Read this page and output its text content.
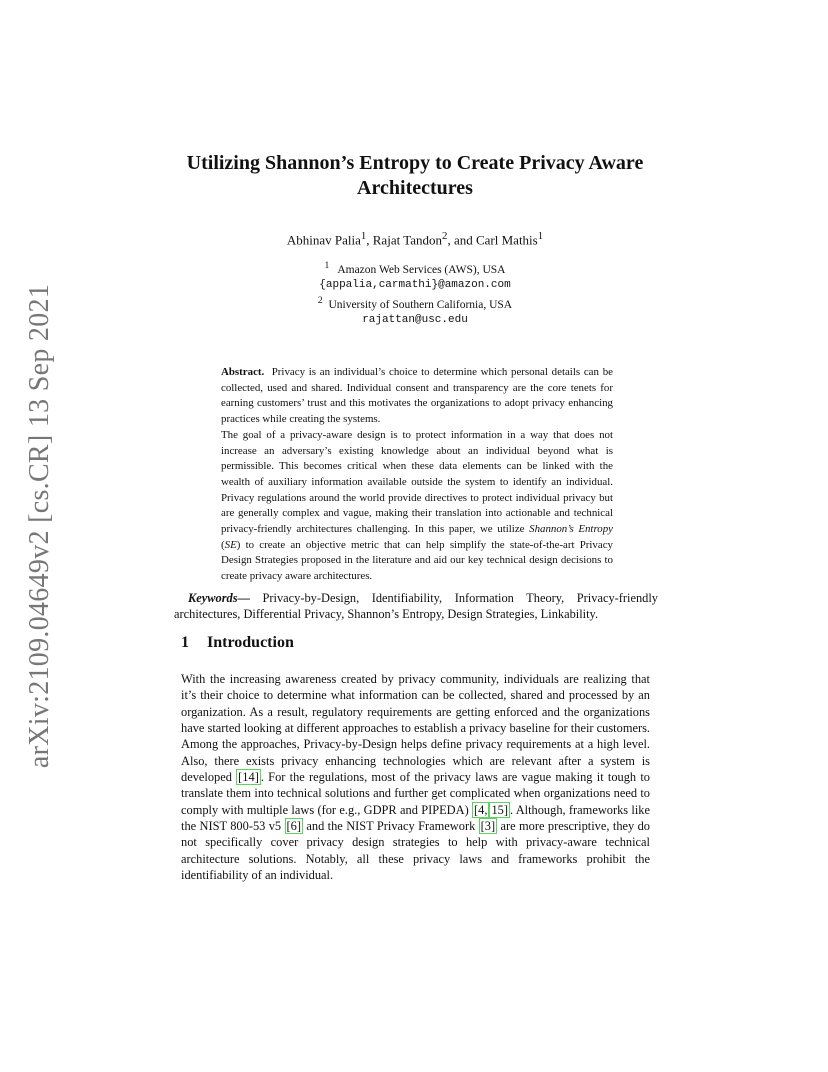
arXiv:2109.04649v2 [cs.CR] 13 Sep 2021
Utilizing Shannon’s Entropy to Create Privacy Aware Architectures
Abhinav Palia$^1$, Rajat Tandon$^2$, and Carl Mathis$^1$
$^1$ Amazon Web Services (AWS), USA
{appalia,carmathi}@amazon.com
$^2$ University of Southern California, USA
rajattan@usc.edu

Abstract. Privacy is an individual’s choice to determine which personal details can be collected, used and shared. Individual consent and transparency are the core tenets for earning customers’ trust and this motivates the organizations to adopt privacy enhancing practices while creating the systems.

The goal of a privacy-aware design is to protect information in a way that does not increase an adversary’s existing knowledge about an individual beyond what is permissible. This becomes critical when these data elements can be linked with the wealth of auxiliary information available outside the system to identify an individual. Privacy regulations around the world provide directives to protect individual privacy but are generally complex and vague, making their translation into actionable and technical privacy-friendly architectures challenging. In this paper, we utilize Shannon’s Entropy (SE) to create an objective metric that can help simplify the state-of-the-art Privacy Design Strategies proposed in the literature and aid our key technical design decisions to create privacy aware architectures.

Keywords— Privacy-by-Design, Identifiability, Information Theory, Privacy-friendly architectures, Differential Privacy, Shannon’s Entropy, Design Strategies, Linkability.
1 Introduction

With the increasing awareness created by privacy community, individuals are realizing that it’s their choice to determine what information can be collected, shared and processed by an organization. As a result, regulatory requirements are getting enforced and the organizations have started looking at different approaches to establish a privacy baseline for their customers. Among the approaches, Privacy-by-Design helps define privacy requirements at a high level. Also, there exists privacy enhancing technologies which are relevant after a system is developed [14] . For the regulations, most of the privacy laws are vague making it tough to translate them into technical solutions and further get complicated when organizations need to comply with multiple laws (for e.g., GDPR and PIPEDA) [4, 15] . Although, frameworks like the NIST 800-53 v5 [6] and the NIST Privacy Framework [3] are more prescriptive, they do not specifically cover privacy design strategies to help with privacy-aware technical architecture solutions. Notably, all these privacy laws and frameworks prohibit the identifiability of an individual.
